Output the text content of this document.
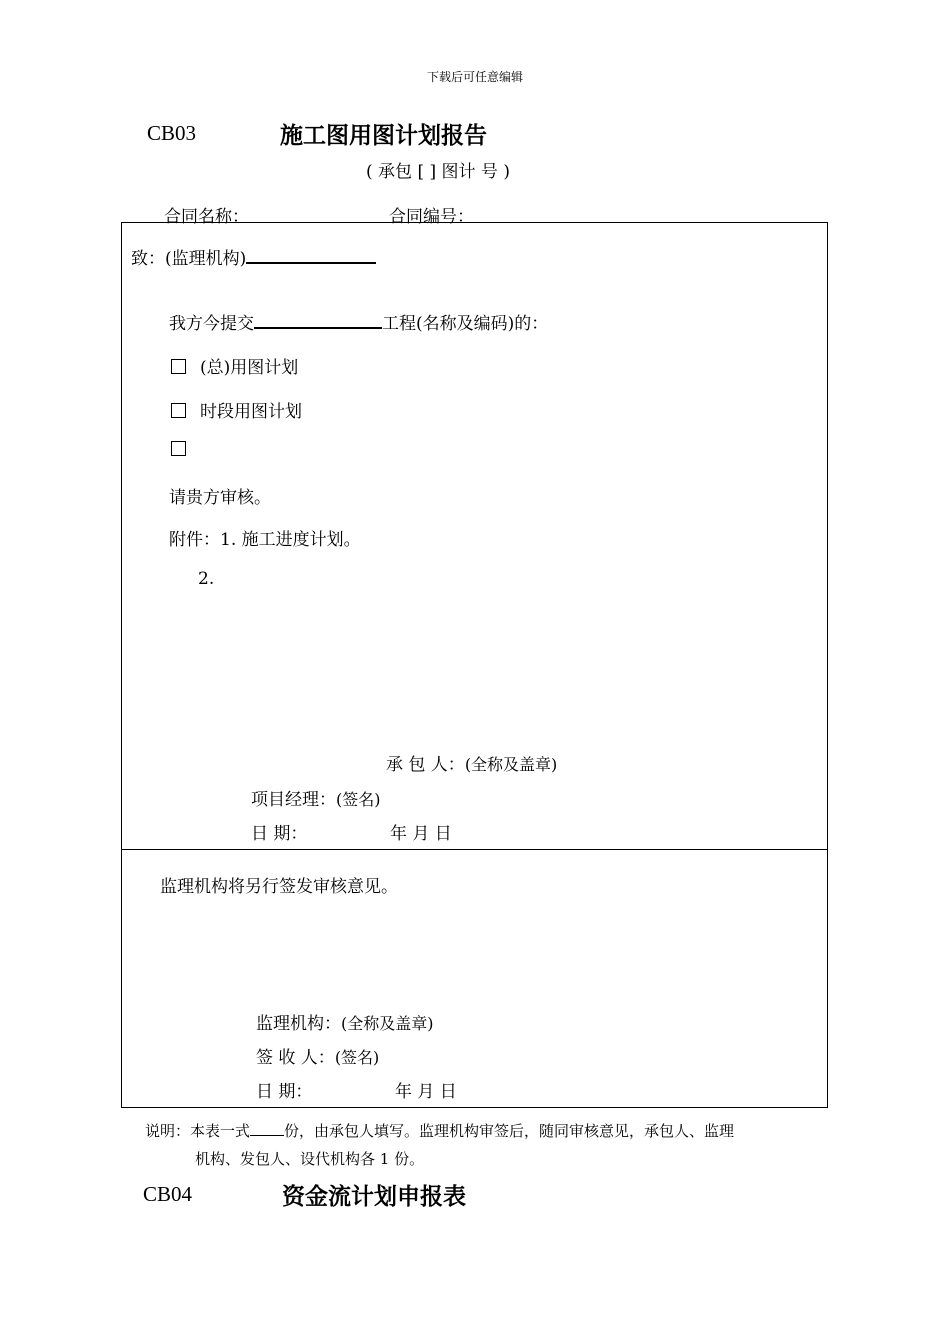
下载后可任意编辑
CB03	施工图用图计划报告
( 承包 [ ] 图计 号 )
合同名称：	合同编号：
致：(监理机构)
我方今提交	工程(名称及编码)的：
(总)用图计划
时段用图计划
请贵方审核。
附件：1. 施工进度计划。
2.
承 包 人：(全称及盖章)
项目经理：(签名)
日 期：	年 月 日
监理机构将另行签发审核意见。
监理机构：(全称及盖章)
签 收 人：(签名)
日 期：	年 月 日
说明：本表一式 份，由承包人填写。监理机构审签后，随同审核意见，承包人、监理
机构、发包人、设代机构各 1 份。
CB04	资金流计划申报表
